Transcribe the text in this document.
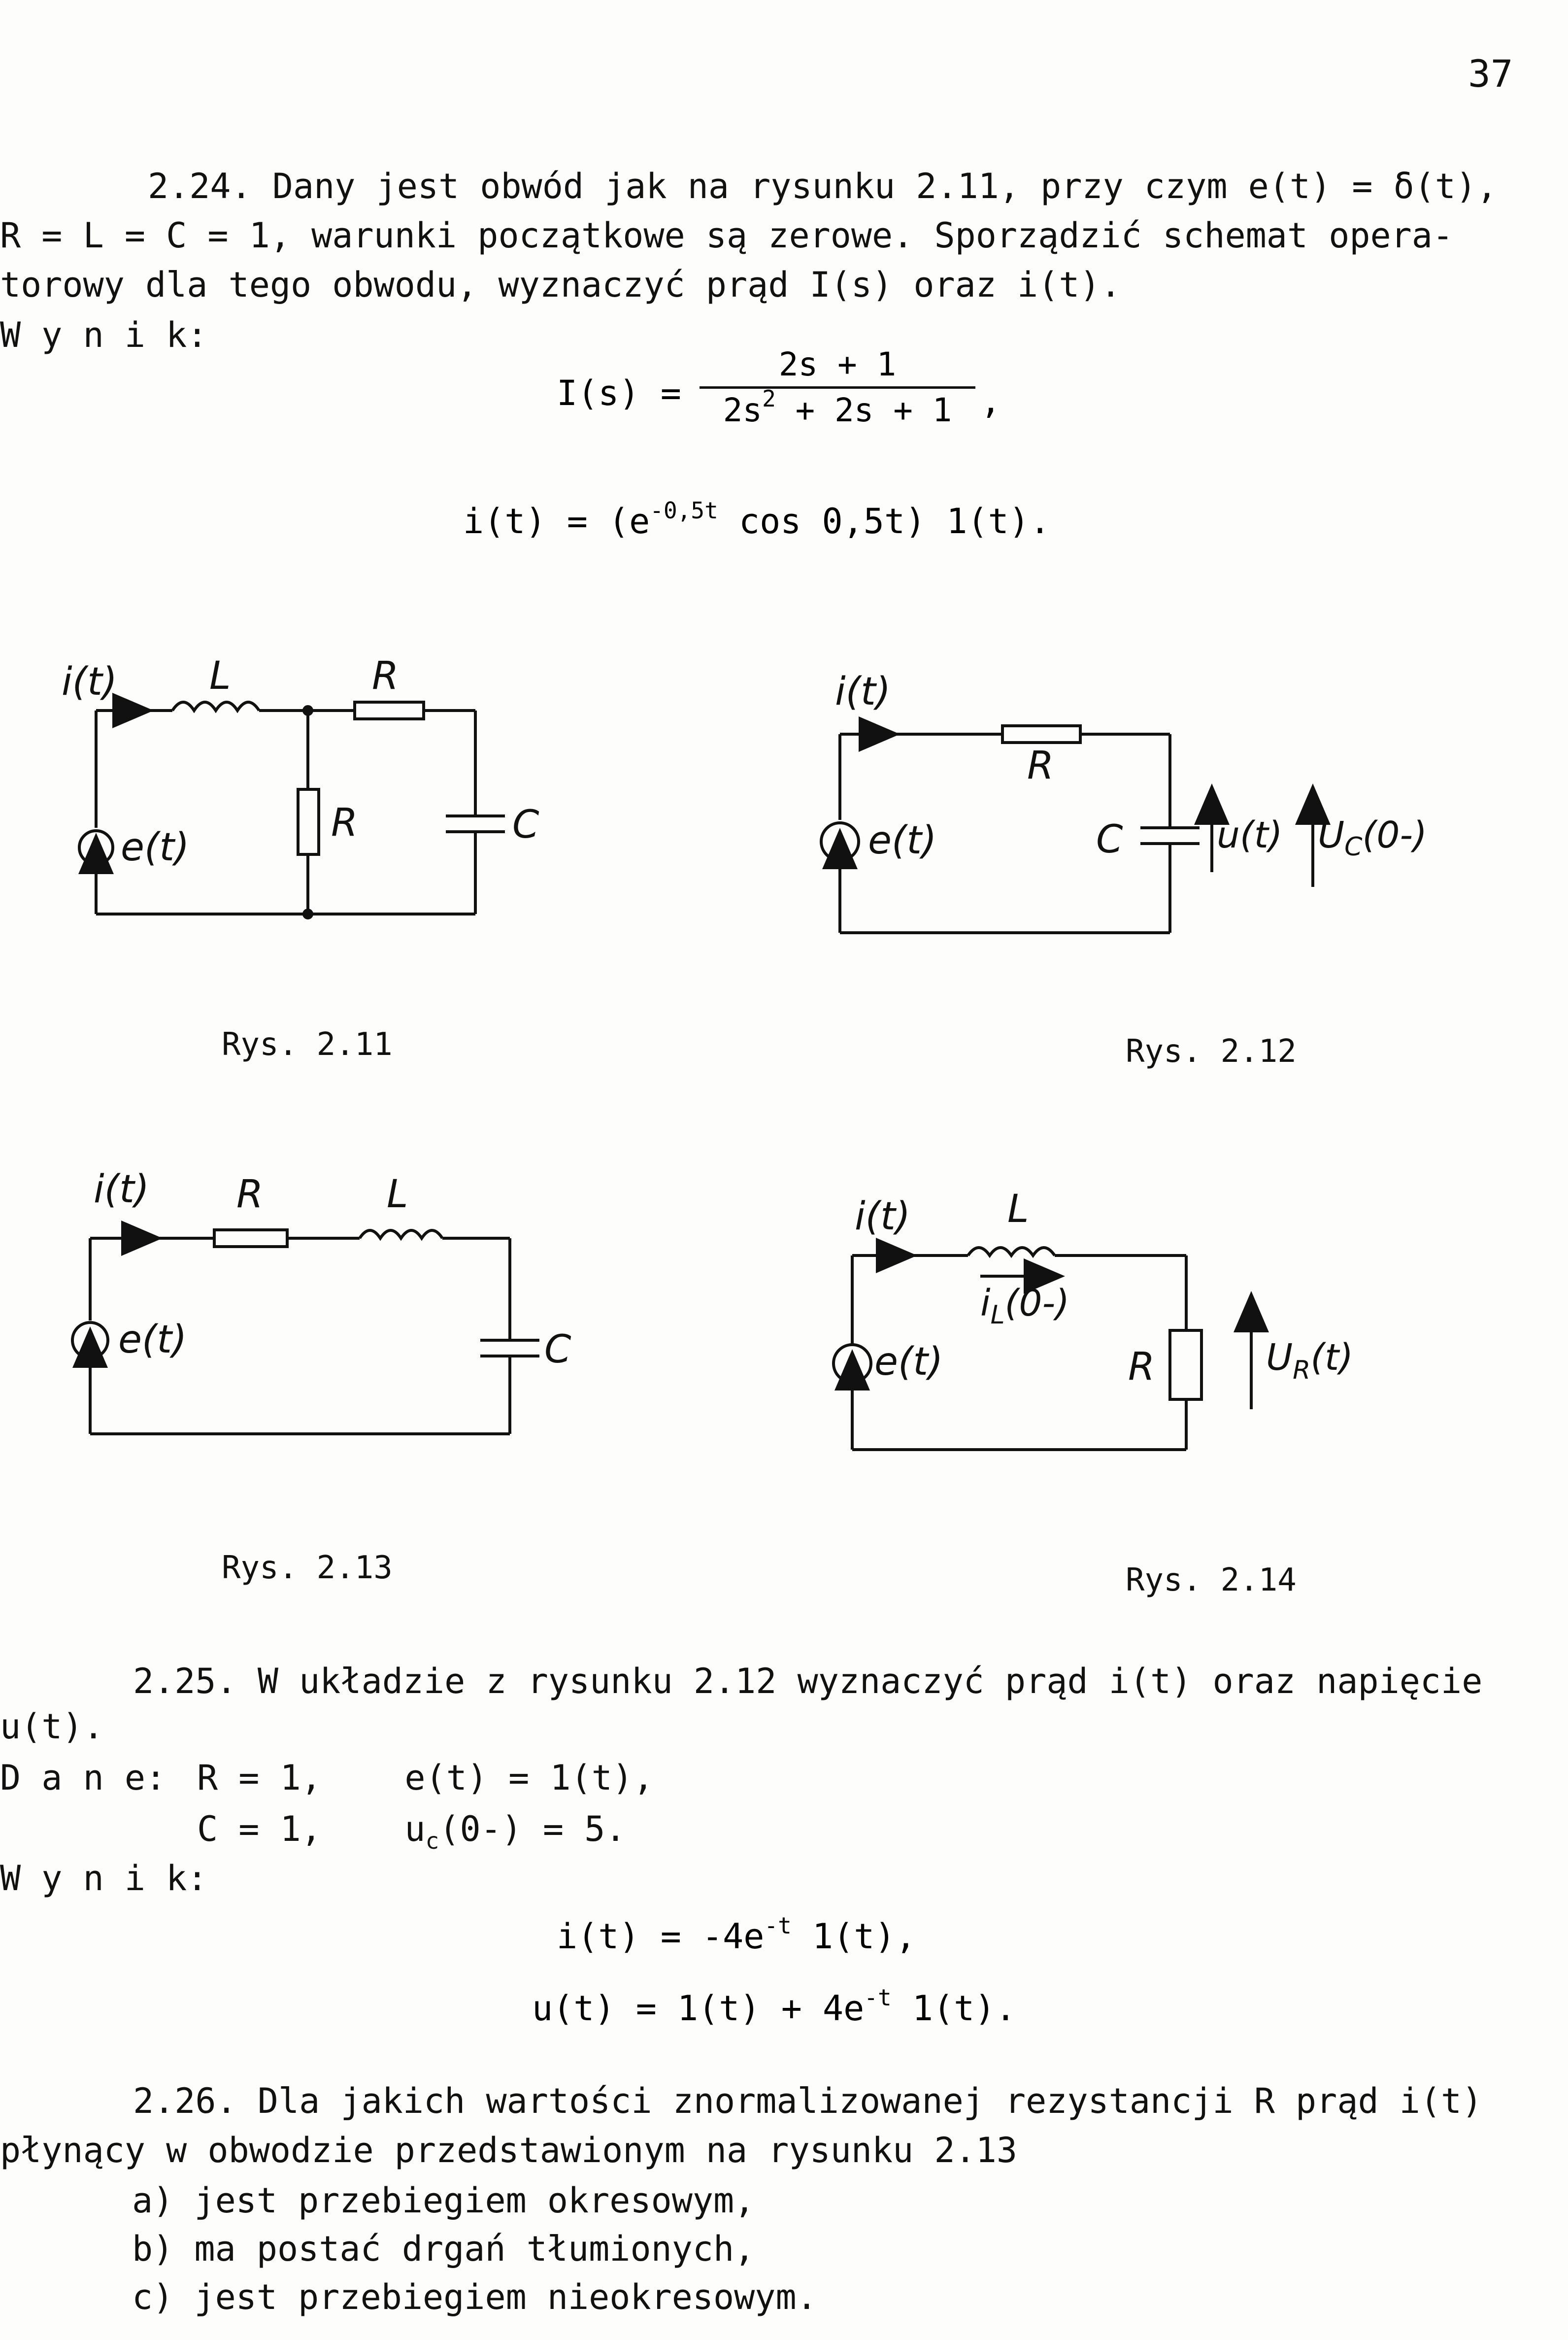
37
2.24. Dany jest obwód jak na rysunku 2.11, przy czym e(t) = δ(t),
R = L = C = 1, warunki początkowe są zerowe. Sporządzić schemat opera-
torowy dla tego obwodu, wyznaczyć prąd I(s) oraz i(t).
W y n i k:
I(s) =
2s + 1
$2s^2 + 2s + 1$ ,
$i(t) = (e^{-0,5t}$ cos 0,5t) 1(t).
i(t) L	R
e(t)
R	C
i(t)
R
e(t)	C	u(t) $U_C(0-)$
i(t) R	L
e(t)	C
i(t)	L
$i_L(0-)$
e(t)	R	$U_R(t)$
Rys. 2.11	Rys. 2.12
Rys. 2.13	Rys. 2.14
2.25. W układzie z rysunku 2.12 wyznaczyć prąd i(t) oraz napięcie
u(t).
D a n e: R = 1,    e(t) = 1(t),
C = 1,    $u_c(0-) = 5$.
W y n i k:
$i(t) = -4e^{-t}$ 1(t),
$u(t) = 1(t) + 4e^{-t}$ 1(t).
2.26. Dla jakich wartości znormalizowanej rezystancji R prąd i(t)
płynący w obwodzie przedstawionym na rysunku 2.13
a) jest przebiegiem okresowym,
b) ma postać drgań tłumionych,
c) jest przebiegiem nieokresowym.
